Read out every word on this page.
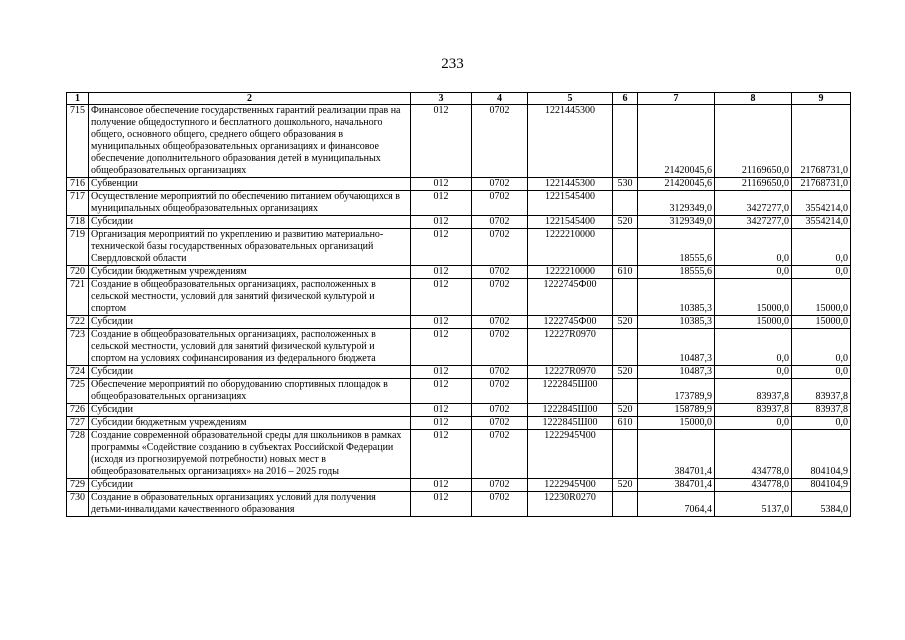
233
1	2	3	4	5	6	7	8	9
715	Финансовое обеспечение государственных гарантий реализации прав на получение общедоступного и бесплатного дошкольного, начального общего, основного общего, среднего общего образования в муниципальных общеобразовательных организациях и финансовое обеспечение дополнительного образования детей в муниципальных общеобразовательных организациях	012	0702	1221445300		21420045,6	21169650,0	21768731,0
716	Субвенции	012	0702	1221445300	530	21420045,6	21169650,0	21768731,0
717	Осуществление мероприятий по обеспечению питанием обучающихся в муниципальных общеобразовательных организациях	012	0702	1221545400		3129349,0	3427277,0	3554214,0
718	Субсидии	012	0702	1221545400	520	3129349,0	3427277,0	3554214,0
719	Организация мероприятий по укреплению и развитию материально-технической базы государственных образовательных организаций Свердловской области	012	0702	1222210000		18555,6	0,0	0,0
720	Субсидии бюджетным учреждениям	012	0702	1222210000	610	18555,6	0,0	0,0
721	Создание в общеобразовательных организациях, расположенных в сельской местности, условий для занятий физической культурой и спортом	012	0702	1222745Ф00		10385,3	15000,0	15000,0
722	Субсидии	012	0702	1222745Ф00	520	10385,3	15000,0	15000,0
723	Создание в общеобразовательных организациях, расположенных в сельской местности, условий для занятий физической культурой и спортом на условиях софинансирования из федерального бюджета	012	0702	12227R0970		10487,3	0,0	0,0
724	Субсидии	012	0702	12227R0970	520	10487,3	0,0	0,0
725	Обеспечение мероприятий по оборудованию спортивных площадок в общеобразовательных организациях	012	0702	1222845Ш00		173789,9	83937,8	83937,8
726	Субсидии	012	0702	1222845Ш00	520	158789,9	83937,8	83937,8
727	Субсидии бюджетным учреждениям	012	0702	1222845Ш00	610	15000,0	0,0	0,0
728	Создание современной образовательной среды для школьников в рамках программы «Содействие созданию в субъектах Российской Федерации (исходя из прогнозируемой потребности) новых мест в общеобразовательных организациях» на 2016 – 2025 годы	012	0702	1222945Ч00		384701,4	434778,0	804104,9
729	Субсидии	012	0702	1222945Ч00	520	384701,4	434778,0	804104,9
730	Создание в образовательных организациях условий для получения детьми-инвалидами качественного образования	012	0702	12230R0270		7064,4	5137,0	5384,0
